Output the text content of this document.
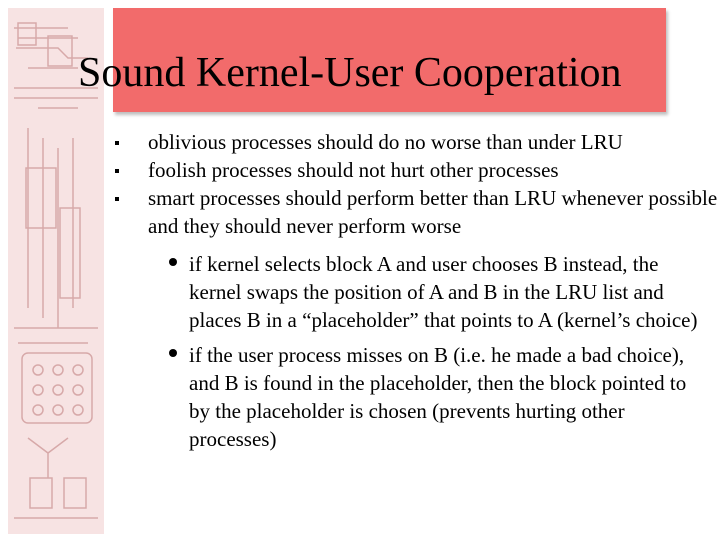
Sound Kernel-User Cooperation
oblivious processes should do no worse than under LRU
foolish processes should not hurt other processes
smart processes should perform better than LRU whenever possible and they should never perform worse
if kernel selects block A and user chooses B instead, the kernel swaps the position of A and B in the LRU list and places B in a “placeholder” that points to A (kernel’s choice)
if the user process misses on B (i.e. he made a bad choice), and B is found in the placeholder, then the block pointed to by the placeholder is chosen (prevents hurting other processes)
